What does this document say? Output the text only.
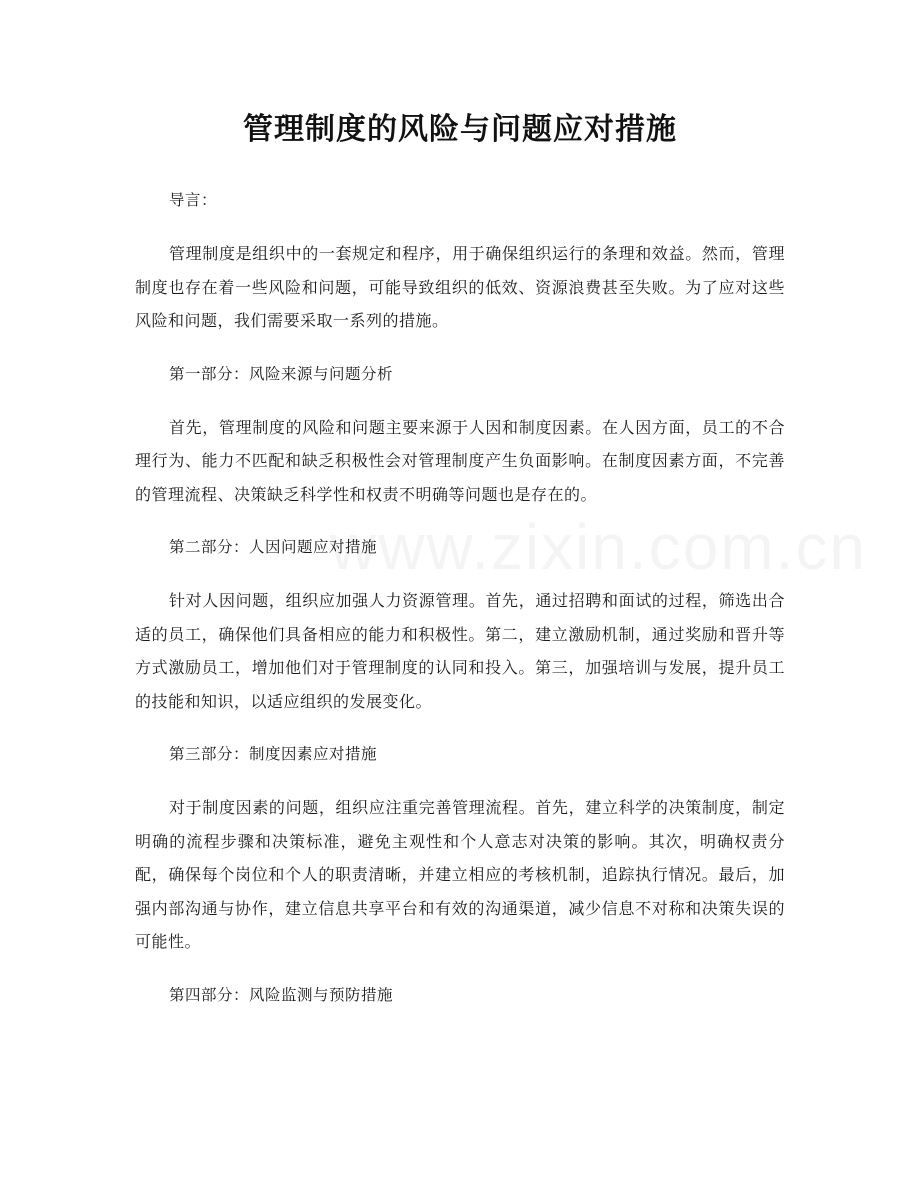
管理制度的风险与问题应对措施
导言：

管理制度是组织中的一套规定和程序，用于确保组织运行的条理和效益。然而，管理制度也存在着一些风险和问题，可能导致组织的低效、资源浪费甚至失败。为了应对这些风险和问题，我们需要采取一系列的措施。

第一部分：风险来源与问题分析

首先，管理制度的风险和问题主要来源于人因和制度因素。在人因方面，员工的不合理行为、能力不匹配和缺乏积极性会对管理制度产生负面影响。在制度因素方面，不完善的管理流程、决策缺乏科学性和权责不明确等问题也是存在的。

第二部分：人因问题应对措施

针对人因问题，组织应加强人力资源管理。首先，通过招聘和面试的过程，筛选出合适的员工，确保他们具备相应的能力和积极性。第二，建立激励机制，通过奖励和晋升等方式激励员工，增加他们对于管理制度的认同和投入。第三，加强培训与发展，提升员工的技能和知识，以适应组织的发展变化。

第三部分：制度因素应对措施

对于制度因素的问题，组织应注重完善管理流程。首先，建立科学的决策制度，制定明确的流程步骤和决策标准，避免主观性和个人意志对决策的影响。其次，明确权责分配，确保每个岗位和个人的职责清晰，并建立相应的考核机制，追踪执行情况。最后，加强内部沟通与协作，建立信息共享平台和有效的沟通渠道，减少信息不对称和决策失误的可能性。

第四部分：风险监测与预防措施
